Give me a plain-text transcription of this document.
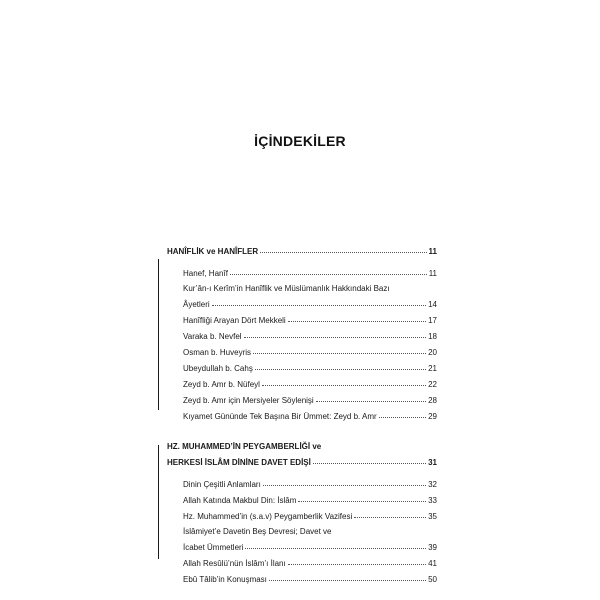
İÇİNDEKİLER
HANÎFLİK ve HANÎFLER	11
Hanef, Hanîf	11
Kur’ân-ı Kerîm’in Hanîflik ve Müslümanlık Hakkındaki Bazı
Âyetleri	14
Hanîfliği Arayan Dört Mekkeli	17
Varaka b. Nevfel	18
Osman b. Huveyris	20
Ubeydullah b. Cahş	21
Zeyd b. Amr b. Nüfeyl	22
Zeyd b. Amr için Mersiyeler Söylenişi	28
Kıyamet Gününde Tek Başına Bir Ümmet: Zeyd b. Amr	29
HZ. MUHAMMED’İN PEYGAMBERLİĞİ ve
HERKESİ İSLÂM DİNİNE DAVET EDİŞİ	31
Dinin Çeşitli Anlamları	32
Allah Katında Makbul Din: İslâm	33
Hz. Muhammed’in (s.a.v) Peygamberlik Vazifesi	35
İslâmiyet’e Davetin Beş Devresi; Davet ve
İcabet Ümmetleri	39
Allah Resûlü’nün İslâm’ı İlanı	41
Ebû Tâlib’in Konuşması	50
